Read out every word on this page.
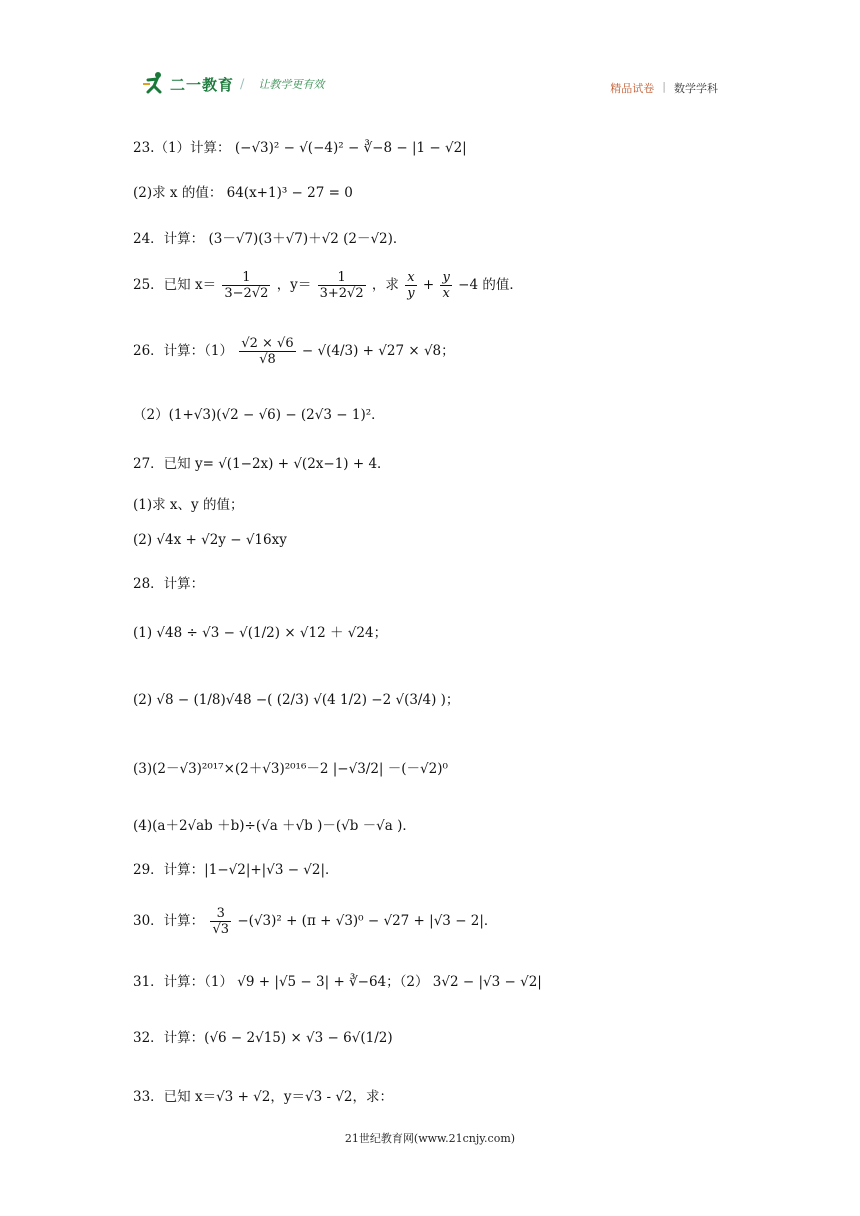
二一教育 / 让教学更有效	精品试卷 | 数学学科
23.（1）计算： (−√3)² − √(−4)² − ∛−8 − |1 − √2|
(2)求 x 的值： 64(x+1)³ − 27 = 0
24．计算： (3－√7)(3＋√7)＋√2 (2－√2)．
25．已知 $x= \frac{1}{3-2√2}$ ，$y= \frac{1}{3+2√2}$ ，求 $\frac{x}{y} + \frac{y}{x} -4$ 的值．
26．计算：$(1) \frac{√2 \times √6}{√8} - √(4/3) + √27 \times √8$；
（2）(1+√3)(√2 − √6) − (2√3 − 1)²．
27．已知 y= √(1−2x) + √(2x−1) + 4．
(1)求 x、y 的值；
(2) √4x + √2y − √16xy
28．计算：
(1) √48 ÷ √3 − √(1/2) × √12 ＋ √24；
(2) √8 − (1/8)√48 −( (2/3) √(4 1/2) −2 √(3/4) )；
(3)(2－√3)²⁰¹⁷×(2＋√3)²⁰¹⁶－2 |−√3/2| －(－√2)⁰
(4)(a＋2√ab ＋b)÷(√a ＋√b )－(√b －√a )．
29．计算：|1−√2|+|√3 − √2|．
30．计算： $\frac{3}{√3} -(√3)^2 + (\pi + √3)^0 - √27 + |√3 - 2|$．
31．计算：（1） √9 + |√5 − 3| + ∛−64；（2） 3√2 − |√3 − √2|
32．计算：(√6 − 2√15) × √3 − 6√(1/2)
33．已知 x＝√3 + √2，y＝√3 - √2，求：
21世纪教育网(www.21cnjy.com)
